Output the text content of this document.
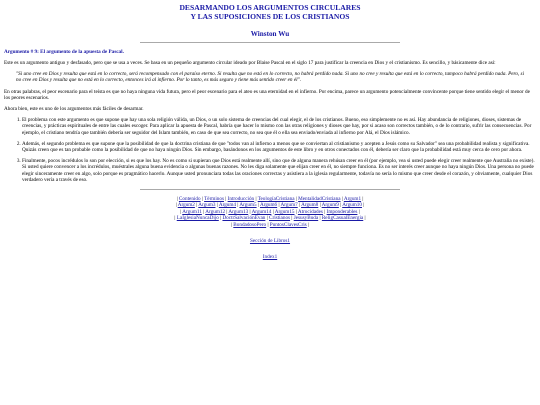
DESARMANDO LOS ARGUMENTOS CIRCULARES
Y LAS SUPOSICIONES DE LOS CRISTIANOS
Winston Wu
Argumento # 9: El argumento de la apuesta de Pascal.

Este es un argumento antiguo y desfasado, pero que se usa a veces. Se basa en un pequeño argumento circular ideado por Blaise Pascal en el siglo 17 para justificar la creencia en Dios y el cristianismo. Es sencillo, y básicamente dice así:

"Si uno cree en Dios y resulta que está en lo correcto, será recompensado con el paraíso eterno. Si resulta que no está en lo correcto, no habrá perdido nada. Si uno no cree y resulta que está en lo correcto, tampoco habrá perdido nada. Pero, si no cree en Dios y resulta que no está en lo correcto, entonces irá al infierno. Por lo tanto, es más seguro y tiene más sentido creer en él".

En otras palabras, el peor escenario para el teísta es que no haya ninguna vida futura, pero el peor escenario para el ateo es una eternidad en el infierno. Por encima, parece un argumento potencialmente convincente porque tiene sentido elegir el menor de los peores escenarios.

Ahora bien, este es uno de los argumentos más fáciles de desarmar.

1. El problema con este argumento es que supone que hay una sola religión válida, un Dios, o un solo sistema de creencias del cual elegir, el de los cristianos. Bueno, eso simplemente no es así. Hay abundancia de religiones, dioses, sistemas de creencias, y prácticas espirituales de entre las cuales escoger. Para aplicar la apuesta de Pascal, habría que hacer lo mismo con las otras religiones y dioses que hay, por si acaso son correctos también, o de lo contrario, sufrir las consecuencias. Por ejemplo, el cristiano tendría que también debería ser seguidor del Islam también, en caso de que sea correcto, no sea que él o ella sea enviado/enviada al infierno por Alá, el Dios islámico.
2. Además, el segundo problema es que supone que la posibilidad de que la doctrina cristiana de que "todos van al infierno a menos que se conviertan al cristianismo y acepten a Jesús como su Salvador" sea una probabilidad realista y significativa. Quizás creen que es tan probable como la posibilidad de que no haya ningún Dios. Sin embargo, basándonos en los argumentos de este libro y en otros conectados con él, debería ser claro que la probabilidad está muy cerca de cero por ahora.
3. Finalmente, pocos incrédulos lo son por elección, si es que los hay. No es como si supieran que Dios está realmente allí, sino que de alguna manera rehúsan creer en él (por ejemplo, vea si usted puede elegir creer realmente que Australia no existe). Si usted quiere convencer a los incrédulos, muéstrales alguna buena evidencia o algunas buenas razones. No les diga solamente que elijan creer en él, no siempre funciona. Es no ser interés creer aunque no haya ningún Dios. Una persona no puede elegir sinceramente creer en algo, solo porque es pragmático hacerlo. Aunque usted pronunciara todas las oraciones correctas y asistiera a la iglesia regularmente, todavía no sería lo mismo que creer desde el corazón, y obviamente, cualquier Dios verdadero vería a través de eso.
| Contenido | Términos | Introducción | TeologíaCristiana | MentalidadCristiana | Argum1 |
| Argum2 | Argum3 | Argum4 | Argum5 | Argum6 | Argum7 | Argum8 | Argum9 | Argum10 |
| Argum11 | Argum12 | Argum13 | Argum14 | Argum15 | Atrocidades | Imponderables |
| LaIglesiaNuncaDijo | DoctrSalvaciónEvan | Cristianos | JesusyBuda | ReligCasualEnergia |
| BondadosoPero | PuntosClavesCris |
Sección de Libros1
Index1
